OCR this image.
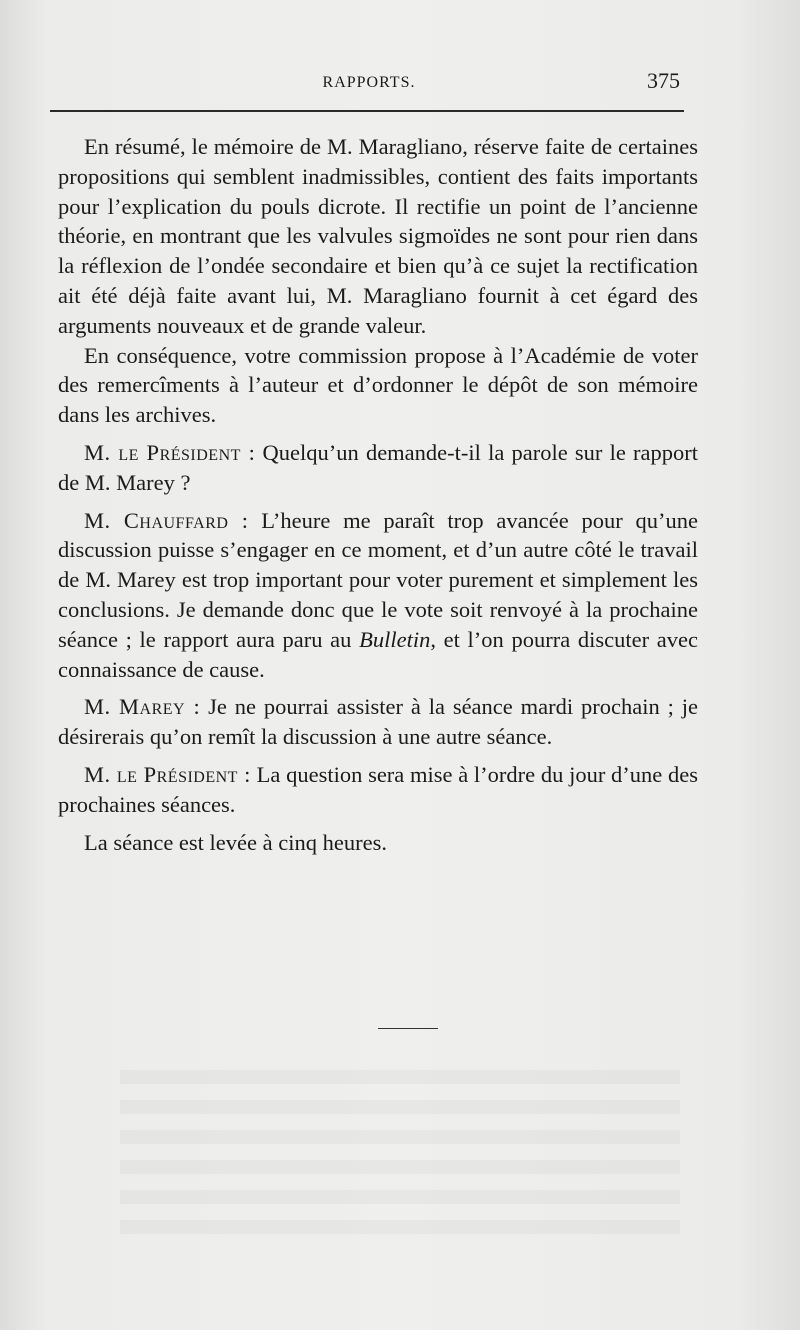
RAPPORTS.	375

En résumé, le mémoire de M. Maragliano, réserve faite de certaines propositions qui semblent inadmissibles, contient des faits importants pour l’explication du pouls dicrote. Il rectifie un point de l’ancienne théorie, en montrant que les valvules sigmoïdes ne sont pour rien dans la réflexion de l’ondée secondaire et bien qu’à ce sujet la rectification ait été déjà faite avant lui, M. Maragliano fournit à cet égard des arguments nouveaux et de grande valeur.

En conséquence, votre commission propose à l’Académie de voter des remercîments à l’auteur et d’ordonner le dépôt de son mémoire dans les archives.

M. le Président : Quelqu’un demande-t-il la parole sur le rapport de M. Marey ?

M. Chauffard : L’heure me paraît trop avancée pour qu’une discussion puisse s’engager en ce moment, et d’un autre côté le travail de M. Marey est trop important pour voter purement et simplement les conclusions. Je demande donc que le vote soit renvoyé à la prochaine séance ; le rapport aura paru au Bulletin, et l’on pourra discuter avec connaissance de cause.

M. Marey : Je ne pourrai assister à la séance mardi prochain ; je désirerais qu’on remît la discussion à une autre séance.

M. le Président : La question sera mise à l’ordre du jour d’une des prochaines séances.

La séance est levée à cinq heures.
